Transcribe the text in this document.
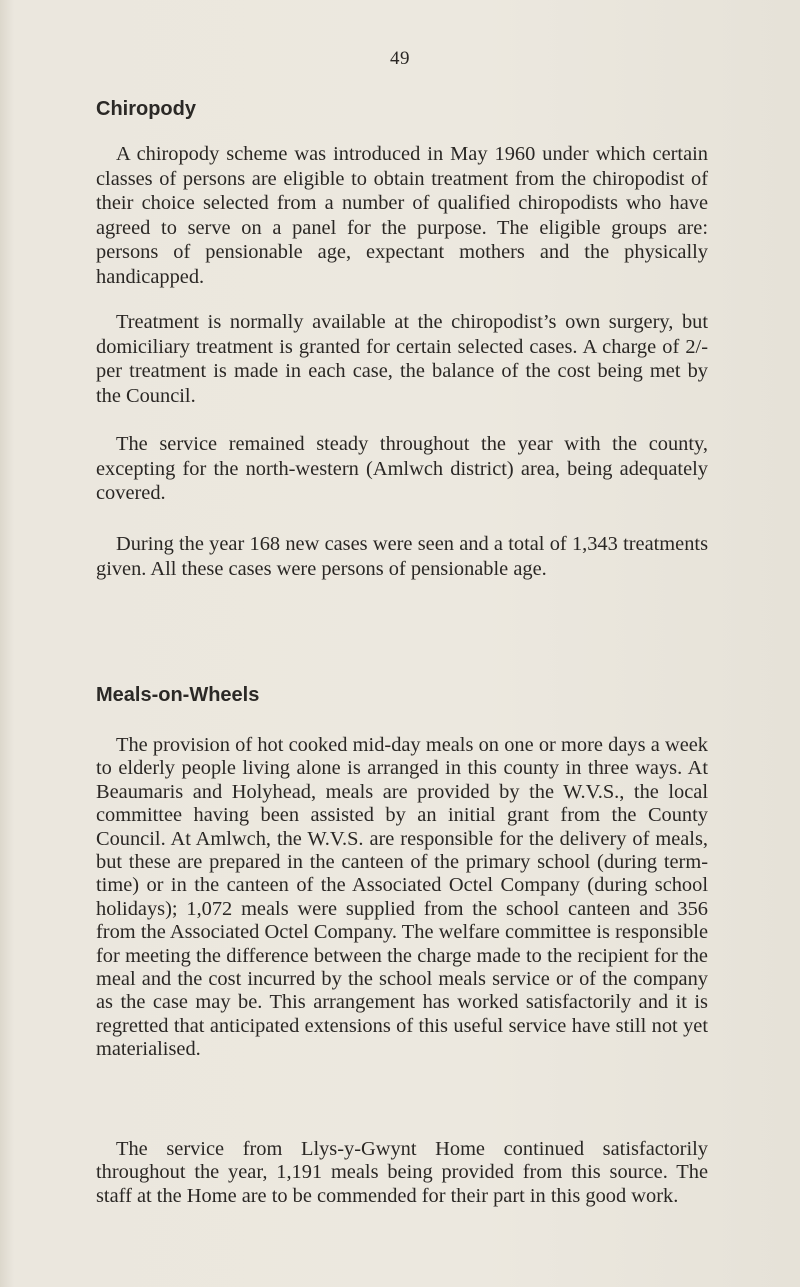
49
Chiropody

A chiropody scheme was introduced in May 1960 under which certain classes of persons are eligible to obtain treatment from the chiropodist of their choice selected from a number of qualified chiropodists who have agreed to serve on a panel for the purpose. The eligible groups are: persons of pensionable age, expectant mothers and the physically handicapped.

Treatment is normally available at the chiropodist’s own surgery, but domiciliary treatment is granted for certain selected cases. A charge of 2/- per treatment is made in each case, the balance of the cost being met by the Council.

The service remained steady throughout the year with the county, excepting for the north-western (Amlwch district) area, being adequately covered.

During the year 168 new cases were seen and a total of 1,343 treatments given. All these cases were persons of pensionable age.

Meals-on-Wheels

The provision of hot cooked mid-day meals on one or more days a week to elderly people living alone is arranged in this county in three ways. At Beaumaris and Holyhead, meals are provided by the W.V.S., the local committee having been assisted by an initial grant from the County Council. At Amlwch, the W.V.S. are responsible for the delivery of meals, but these are prepared in the canteen of the primary school (during term-time) or in the canteen of the Associated Octel Company (during school holidays); 1,072 meals were supplied from the school canteen and 356 from the Associated Octel Company. The welfare committee is responsible for meeting the difference between the charge made to the recipient for the meal and the cost incurred by the school meals service or of the company as the case may be. This arrangement has worked satisfactorily and it is regretted that anticipated extensions of this useful service have still not yet materialised.

The service from Llys-y-Gwynt Home continued satisfactorily throughout the year, 1,191 meals being provided from this source. The staff at the Home are to be commended for their part in this good work.
